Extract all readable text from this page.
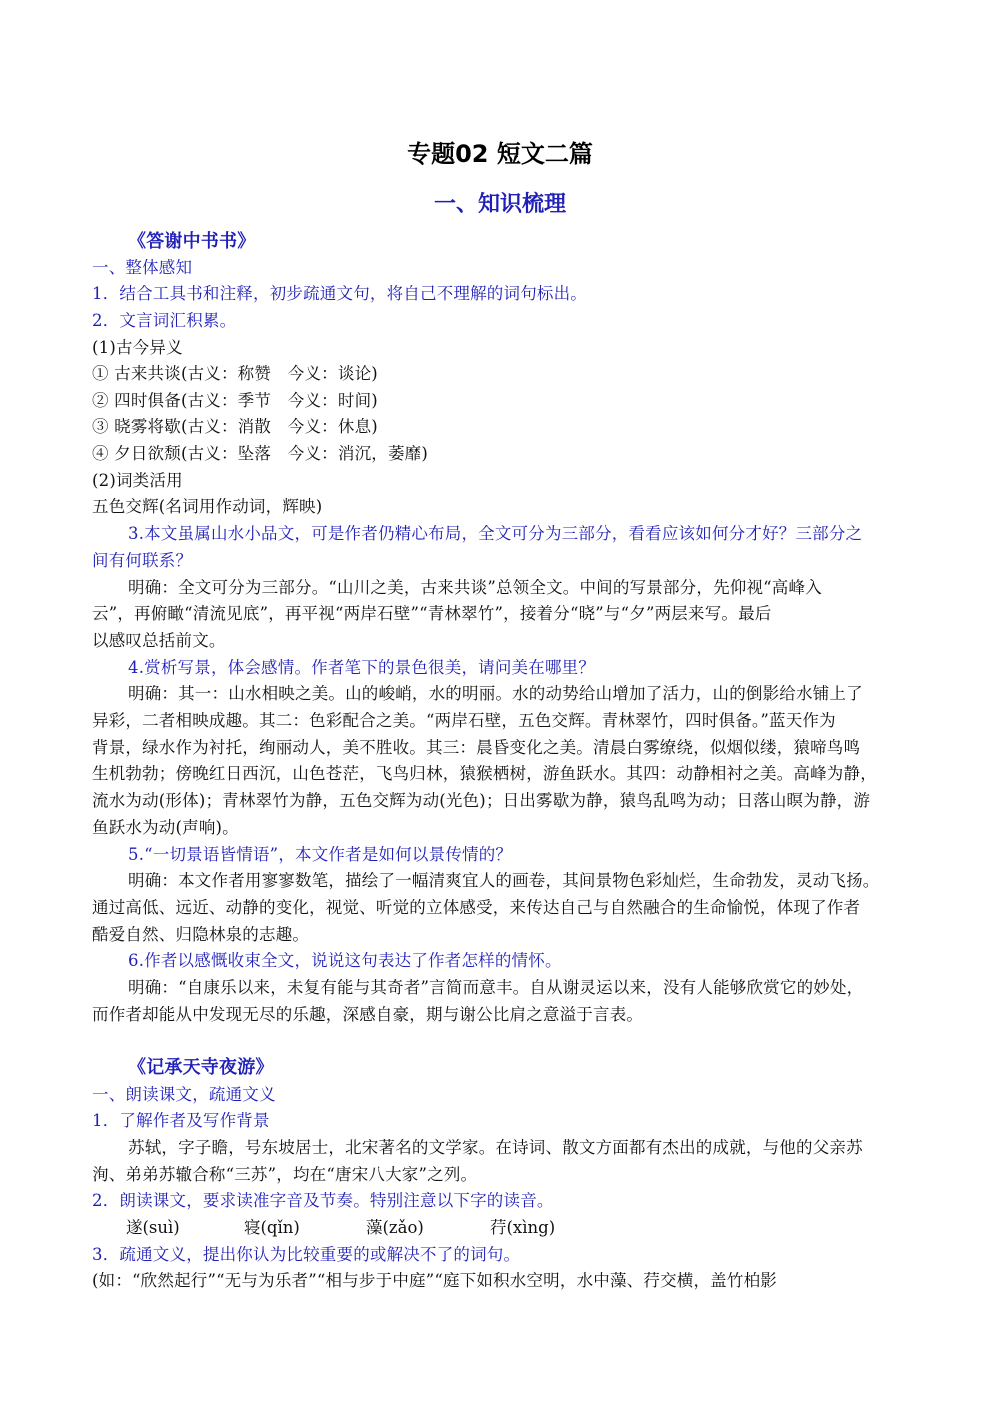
专题02 短文二篇
一、知识梳理
《答谢中书书》
一、整体感知
1．结合工具书和注释，初步疏通文句，将自己不理解的词句标出。
2．文言词汇积累。
(1)古今异义
① 古来共谈(古义：称赞　今义：谈论)
② 四时俱备(古义：季节　今义：时间)
③ 晓雾将歇(古义：消散　今义：休息)
④ 夕日欲颓(古义：坠落　今义：消沉，萎靡)
(2)词类活用
五色交辉(名词用作动词，辉映)
3.本文虽属山水小品文，可是作者仍精心布局，全文可分为三部分，看看应该如何分才好？三部分之
间有何联系？
明确：全文可分为三部分。“山川之美，古来共谈”总领全文。中间的写景部分，先仰视“高峰入
云”，再俯瞰“清流见底”，再平视“两岸石壁”“青林翠竹”，接着分“晓”与“夕”两层来写。最后
以感叹总括前文。
4.赏析写景，体会感情。作者笔下的景色很美，请问美在哪里？
明确：其一：山水相映之美。山的峻峭，水的明丽。水的动势给山增加了活力，山的倒影给水铺上了
异彩，二者相映成趣。其二：色彩配合之美。“两岸石壁，五色交辉。青林翠竹，四时俱备。”蓝天作为
背景，绿水作为衬托，绚丽动人，美不胜收。其三：晨昏变化之美。清晨白雾缭绕，似烟似缕，猿啼鸟鸣
生机勃勃；傍晚红日西沉，山色苍茫，飞鸟归林，猿猴栖树，游鱼跃水。其四：动静相衬之美。高峰为静，
流水为动(形体)；青林翠竹为静，五色交辉为动(光色)；日出雾歇为静，猿鸟乱鸣为动；日落山暝为静，游
鱼跃水为动(声响)。
5.“一切景语皆情语”，本文作者是如何以景传情的？
明确：本文作者用寥寥数笔，描绘了一幅清爽宜人的画卷，其间景物色彩灿烂，生命勃发，灵动飞扬。
通过高低、远近、动静的变化，视觉、听觉的立体感受，来传达自己与自然融合的生命愉悦，体现了作者
酷爱自然、归隐林泉的志趣。
6.作者以感慨收束全文，说说这句表达了作者怎样的情怀。
明确：“自康乐以来，未复有能与其奇者”言简而意丰。自从谢灵运以来，没有人能够欣赏它的妙处，
而作者却能从中发现无尽的乐趣，深感自豪，期与谢公比肩之意溢于言表。
《记承天寺夜游》
一、朗读课文，疏通文义
1．了解作者及写作背景
苏轼，字子瞻，号东坡居士，北宋著名的文学家。在诗词、散文方面都有杰出的成就，与他的父亲苏
洵、弟弟苏辙合称“三苏”，均在“唐宋八大家”之列。
2．朗读课文，要求读准字音及节奏。特别注意以下字的读音。
遂(suì)	寝(qǐn)	藻(zǎo)	荇(xìng)
3．疏通文义，提出你认为比较重要的或解决不了的词句。
(如：“欣然起行”“无与为乐者”“相与步于中庭”“庭下如积水空明，水中藻、荇交横，盖竹柏影
